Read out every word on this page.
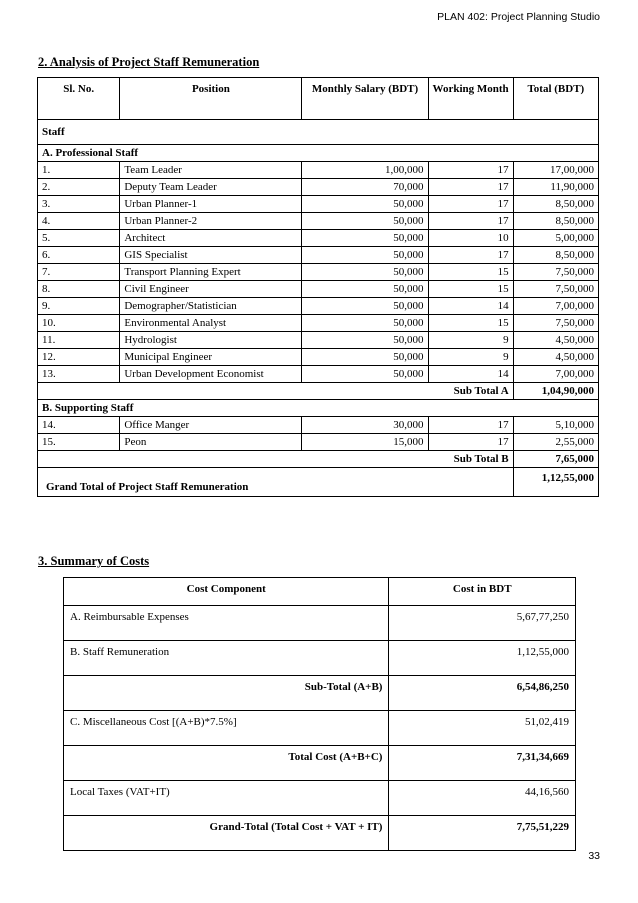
PLAN 402: Project Planning Studio
2. Analysis of Project Staff Remuneration
Sl. No.	Position	Monthly Salary (BDT)	Working Month	Total (BDT)
Staff				
A. Professional Staff				
1.	Team Leader	1,00,000	17	17,00,000
2.	Deputy Team Leader	70,000	17	11,90,000
3.	Urban Planner-1	50,000	17	8,50,000
4.	Urban Planner-2	50,000	17	8,50,000
5.	Architect	50,000	10	5,00,000
6.	GIS Specialist	50,000	17	8,50,000
7.	Transport Planning Expert	50,000	15	7,50,000
8.	Civil Engineer	50,000	15	7,50,000
9.	Demographer/Statistician	50,000	14	7,00,000
10.	Environmental Analyst	50,000	15	7,50,000
11.	Hydrologist	50,000	9	4,50,000
12.	Municipal Engineer	50,000	9	4,50,000
13.	Urban Development Economist	50,000	14	7,00,000
Sub Total A				1,04,90,000
B. Supporting Staff				
14.	Office Manger	30,000	17	5,10,000
15.	Peon	15,000	17	2,55,000
Sub Total B				7,65,000
Grand Total of Project Staff Remuneration				1,12,55,000
3. Summary of Costs
Cost Component	Cost in BDT
A. Reimbursable Expenses	5,67,77,250
B. Staff Remuneration	1,12,55,000
Sub-Total (A+B)	6,54,86,250
C. Miscellaneous Cost [(A+B)*7.5%]	51,02,419
Total Cost (A+B+C)	7,31,34,669
Local Taxes (VAT+IT)	44,16,560
Grand-Total (Total Cost + VAT + IT)	7,75,51,229
33
